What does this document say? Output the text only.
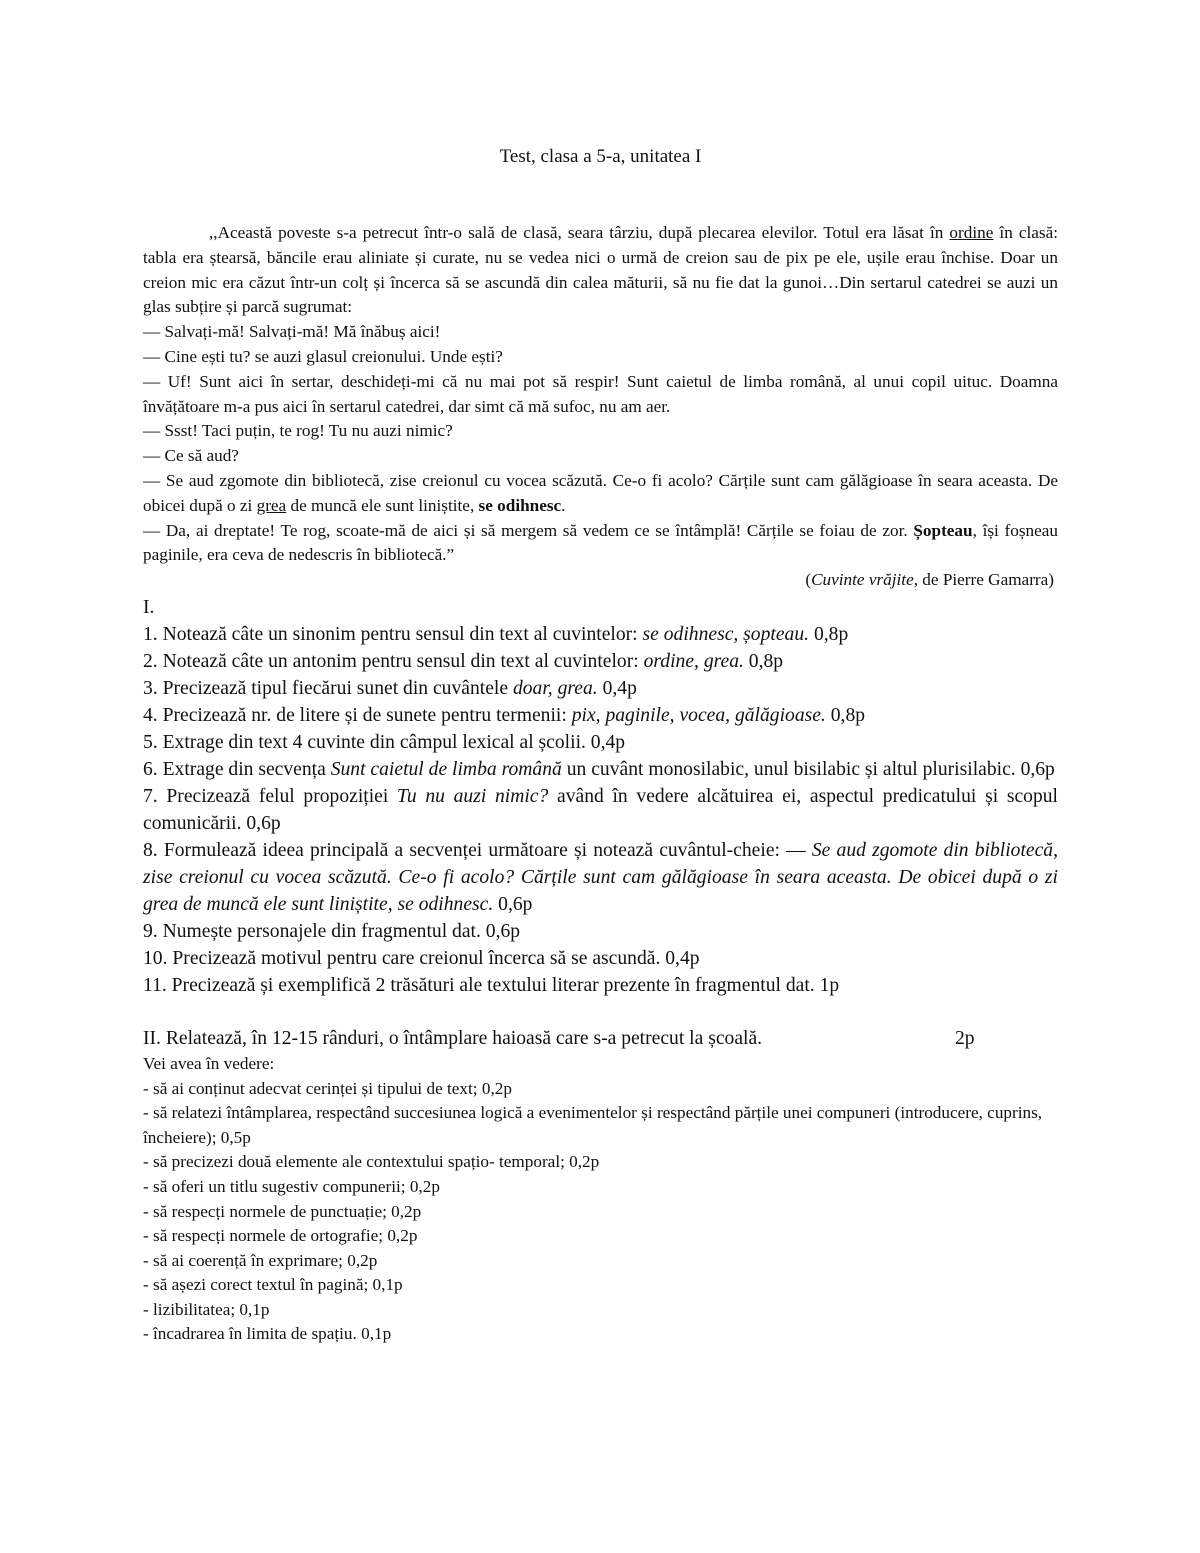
Test, clasa a 5-a, unitatea I

,,Această poveste s-a petrecut într-o sală de clasă, seara târziu, după plecarea elevilor. Totul era lăsat în ordine în clasă: tabla era ștearsă, băncile erau aliniate și curate, nu se vedea nici o urmă de creion sau de pix pe ele, ușile erau închise. Doar un creion mic era căzut într-un colț și încerca să se ascundă din calea măturii, să nu fie dat la gunoi…Din sertarul catedrei se auzi un glas subțire și parcă sugrumat:

— Salvați-mă! Salvați-mă! Mă înăbuș aici!

— Cine ești tu? se auzi glasul creionului. Unde ești?

— Uf! Sunt aici în sertar, deschideți-mi că nu mai pot să respir! Sunt caietul de limba română, al unui copil uituc. Doamna învățătoare m-a pus aici în sertarul catedrei, dar simt că mă sufoc, nu am aer.

— Ssst! Taci puțin, te rog! Tu nu auzi nimic?

— Ce să aud?

— Se aud zgomote din bibliotecă, zise creionul cu vocea scăzută. Ce-o fi acolo? Cărțile sunt cam gălăgioase în seara aceasta. De obicei după o zi grea de muncă ele sunt liniștite, se odihnesc.

— Da, ai dreptate! Te rog, scoate-mă de aici și să mergem să vedem ce se întâmplă! Cărțile se foiau de zor. Șopteau, își foșneau paginile, era ceva de nedescris în bibliotecă.”

(Cuvinte vrăjite, de Pierre Gamarra)

I.

1. Notează câte un sinonim pentru sensul din text al cuvintelor: se odihnesc, șopteau. 0,8p

2. Notează câte un antonim pentru sensul din text al cuvintelor: ordine, grea. 0,8p

3. Precizează tipul fiecărui sunet din cuvântele doar, grea. 0,4p

4. Precizează nr. de litere și de sunete pentru termenii: pix, paginile, vocea, gălăgioase. 0,8p

5. Extrage din text 4 cuvinte din câmpul lexical al școlii. 0,4p

6. Extrage din secvența Sunt caietul de limba română un cuvânt monosilabic, unul bisilabic și altul plurisilabic. 0,6p

7. Precizează felul propoziției Tu nu auzi nimic? având în vedere alcătuirea ei, aspectul predicatului și scopul comunicării. 0,6p

8. Formulează ideea principală a secvenței următoare și notează cuvântul-cheie: — Se aud zgomote din bibliotecă, zise creionul cu vocea scăzută. Ce-o fi acolo? Cărțile sunt cam gălăgioase în seara aceasta. De obicei după o zi grea de muncă ele sunt liniștite, se odihnesc. 0,6p

9. Numește personajele din fragmentul dat. 0,6p

10. Precizează motivul pentru care creionul încerca să se ascundă. 0,4p

11. Precizează și exemplifică 2 trăsături ale textului literar prezente în fragmentul dat. 1p

II. Relatează, în 12-15 rânduri, o întâmplare haioasă care s-a petrecut la școală.	2p

Vei avea în vedere:

- să ai conținut adecvat cerinței și tipului de text; 0,2p

- să relatezi întâmplarea, respectând succesiunea logică a evenimentelor și respectând părțile unei compuneri (introducere, cuprins, încheiere); 0,5p

- să precizezi două elemente ale contextului spațio- temporal; 0,2p

- să oferi un titlu sugestiv compunerii; 0,2p

- să respecți normele de punctuație; 0,2p

- să respecți normele de ortografie; 0,2p

- să ai coerență în exprimare; 0,2p

- să așezi corect textul în pagină; 0,1p

- lizibilitatea; 0,1p

- încadrarea în limita de spațiu. 0,1p
